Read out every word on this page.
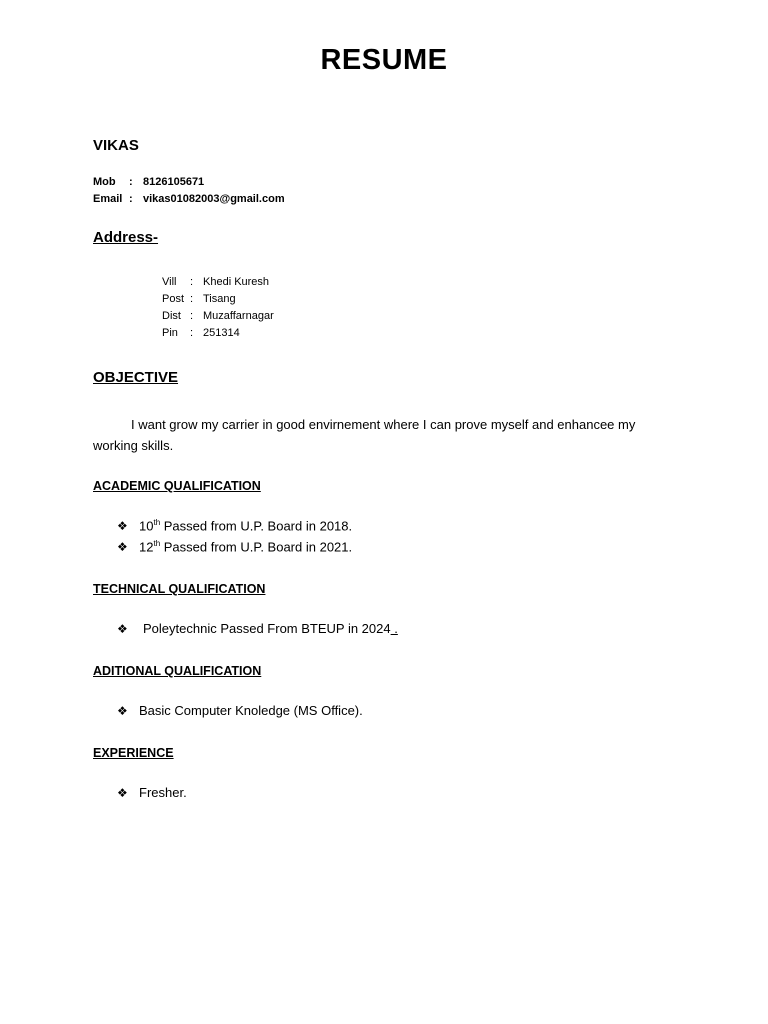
RESUME
VIKAS
Mob : 8126105671
Email : vikas01082003@gmail.com
Address-
Vill : Khedi Kuresh
Post : Tisang
Dist : Muzaffarnagar
Pin : 251314
OBJECTIVE
I want grow my carrier in good envirnement where I can prove myself and enhancee my working skills.
ACADEMIC QUALIFICATION
❖ 10th Passed from U.P. Board in 2018.
❖ 12th Passed from U.P. Board in 2021.
TECHNICAL QUALIFICATION
❖ Poleytechnic Passed From BTEUP in 2024 .
ADITIONAL QUALIFICATION
❖ Basic Computer Knoledge (MS Office).
EXPERIENCE
❖ Fresher.
